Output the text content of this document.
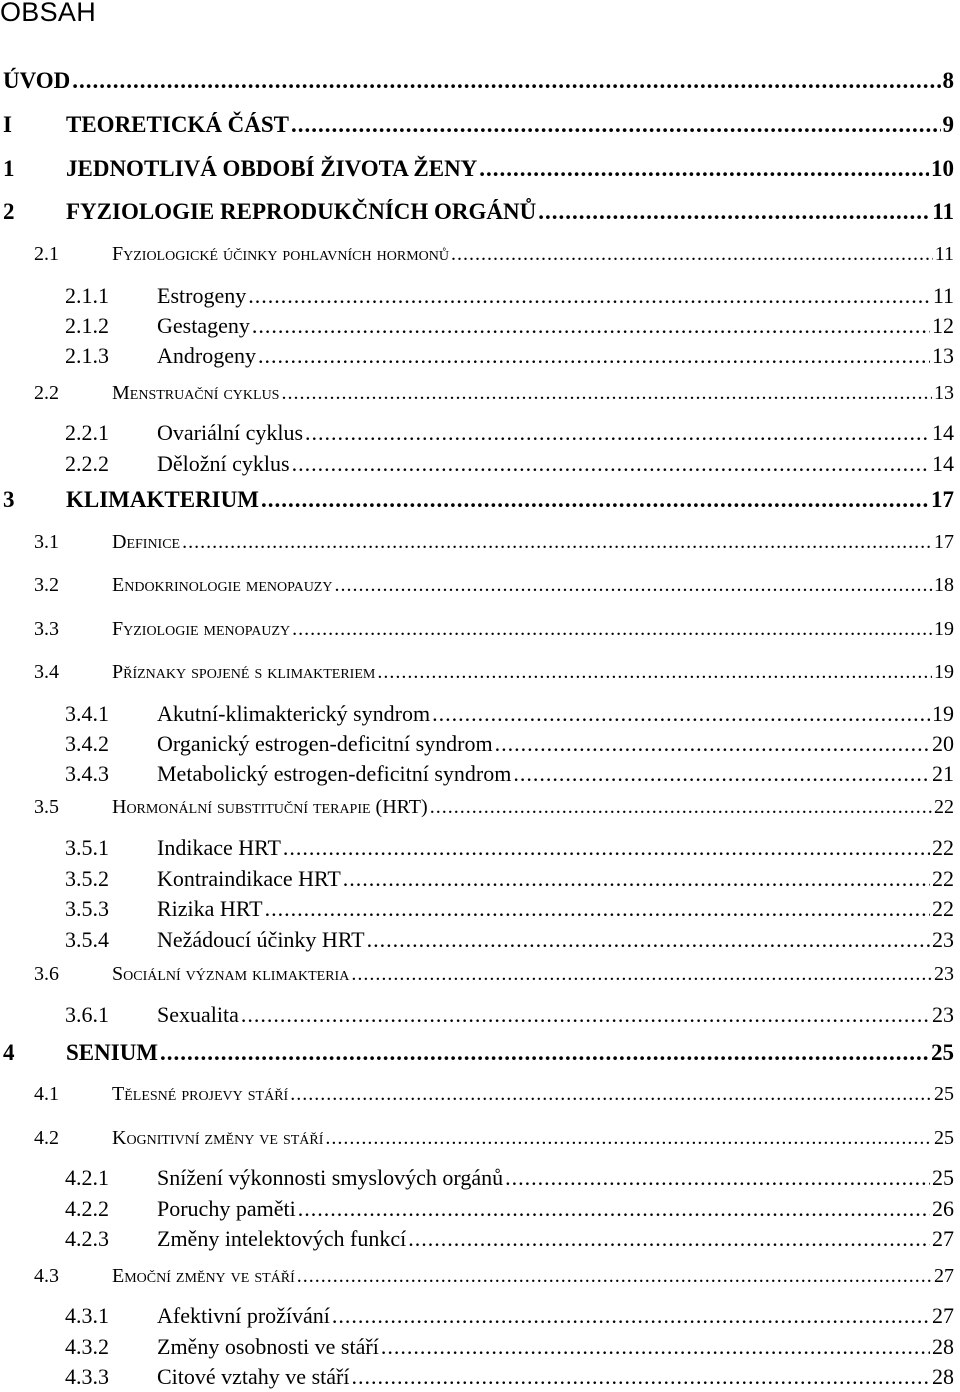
OBSAH
ÚVOD .....	8
I	TEORETICKÁ ČÁST .....	9
1	JEDNOTLIVÁ OBDOBÍ ŽIVOTA ŽENY .....	10
2	FYZIOLOGIE REPRODUKČNÍCH ORGÁNŮ .....	11
2.1	Fyziologické účinky pohlavních hormonů .....	11
2.1.1	Estrogeny .....	11
2.1.2	Gestageny .....	12
2.1.3	Androgeny .....	13
2.2	Menstruační cyklus .....	13
2.2.1	Ovariální cyklus .....	14
2.2.2	Děložní cyklus .....	14
3	KLIMAKTERIUM .....	17
3.1	Definice .....	17
3.2	Endokrinologie menopauzy .....	18
3.3	Fyziologie menopauzy .....	19
3.4	Příznaky spojené s klimakteriem .....	19
3.4.1	Akutní-klimakterický syndrom .....	19
3.4.2	Organický estrogen-deficitní syndrom .....	20
3.4.3	Metabolický estrogen-deficitní syndrom .....	21
3.5	Hormonální substituční terapie (HRT) .....	22
3.5.1	Indikace HRT .....	22
3.5.2	Kontraindikace HRT .....	22
3.5.3	Rizika HRT .....	22
3.5.4	Nežádoucí účinky HRT .....	23
3.6	Sociální význam klimakteria .....	23
3.6.1	Sexualita .....	23
4	SENIUM .....	25
4.1	Tělesné projevy stáří .....	25
4.2	Kognitivní změny ve stáří .....	25
4.2.1	Snížení výkonnosti smyslových orgánů .....	25
4.2.2	Poruchy paměti .....	26
4.2.3	Změny intelektových funkcí .....	27
4.3	Emoční změny ve stáří .....	27
4.3.1	Afektivní prožívání .....	27
4.3.2	Změny osobnosti ve stáří .....	28
4.3.3	Citové vztahy ve stáří .....	28
